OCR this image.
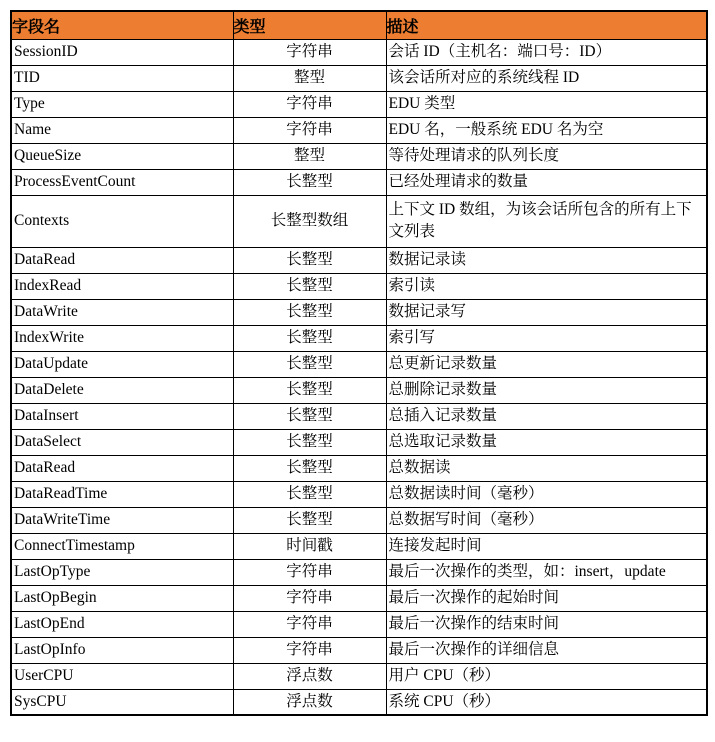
字段名	类型	描述
SessionID	字符串	会话 ID（主机名：端口号：ID）
TID	整型	该会话所对应的系统线程 ID
Type	字符串	EDU 类型
Name	字符串	EDU 名，一般系统 EDU 名为空
QueueSize	整型	等待处理请求的队列长度
ProcessEventCount	长整型	已经处理请求的数量
Contexts	长整型数组	上下文 ID 数组，为该会话所包含的所有上下文列表
DataRead	长整型	数据记录读
IndexRead	长整型	索引读
DataWrite	长整型	数据记录写
IndexWrite	长整型	索引写
DataUpdate	长整型	总更新记录数量
DataDelete	长整型	总删除记录数量
DataInsert	长整型	总插入记录数量
DataSelect	长整型	总选取记录数量
DataRead	长整型	总数据读
DataReadTime	长整型	总数据读时间（毫秒）
DataWriteTime	长整型	总数据写时间（毫秒）
ConnectTimestamp	时间戳	连接发起时间
LastOpType	字符串	最后一次操作的类型，如：insert，update
LastOpBegin	字符串	最后一次操作的起始时间
LastOpEnd	字符串	最后一次操作的结束时间
LastOpInfo	字符串	最后一次操作的详细信息
UserCPU	浮点数	用户 CPU（秒）
SysCPU	浮点数	系统 CPU（秒）
